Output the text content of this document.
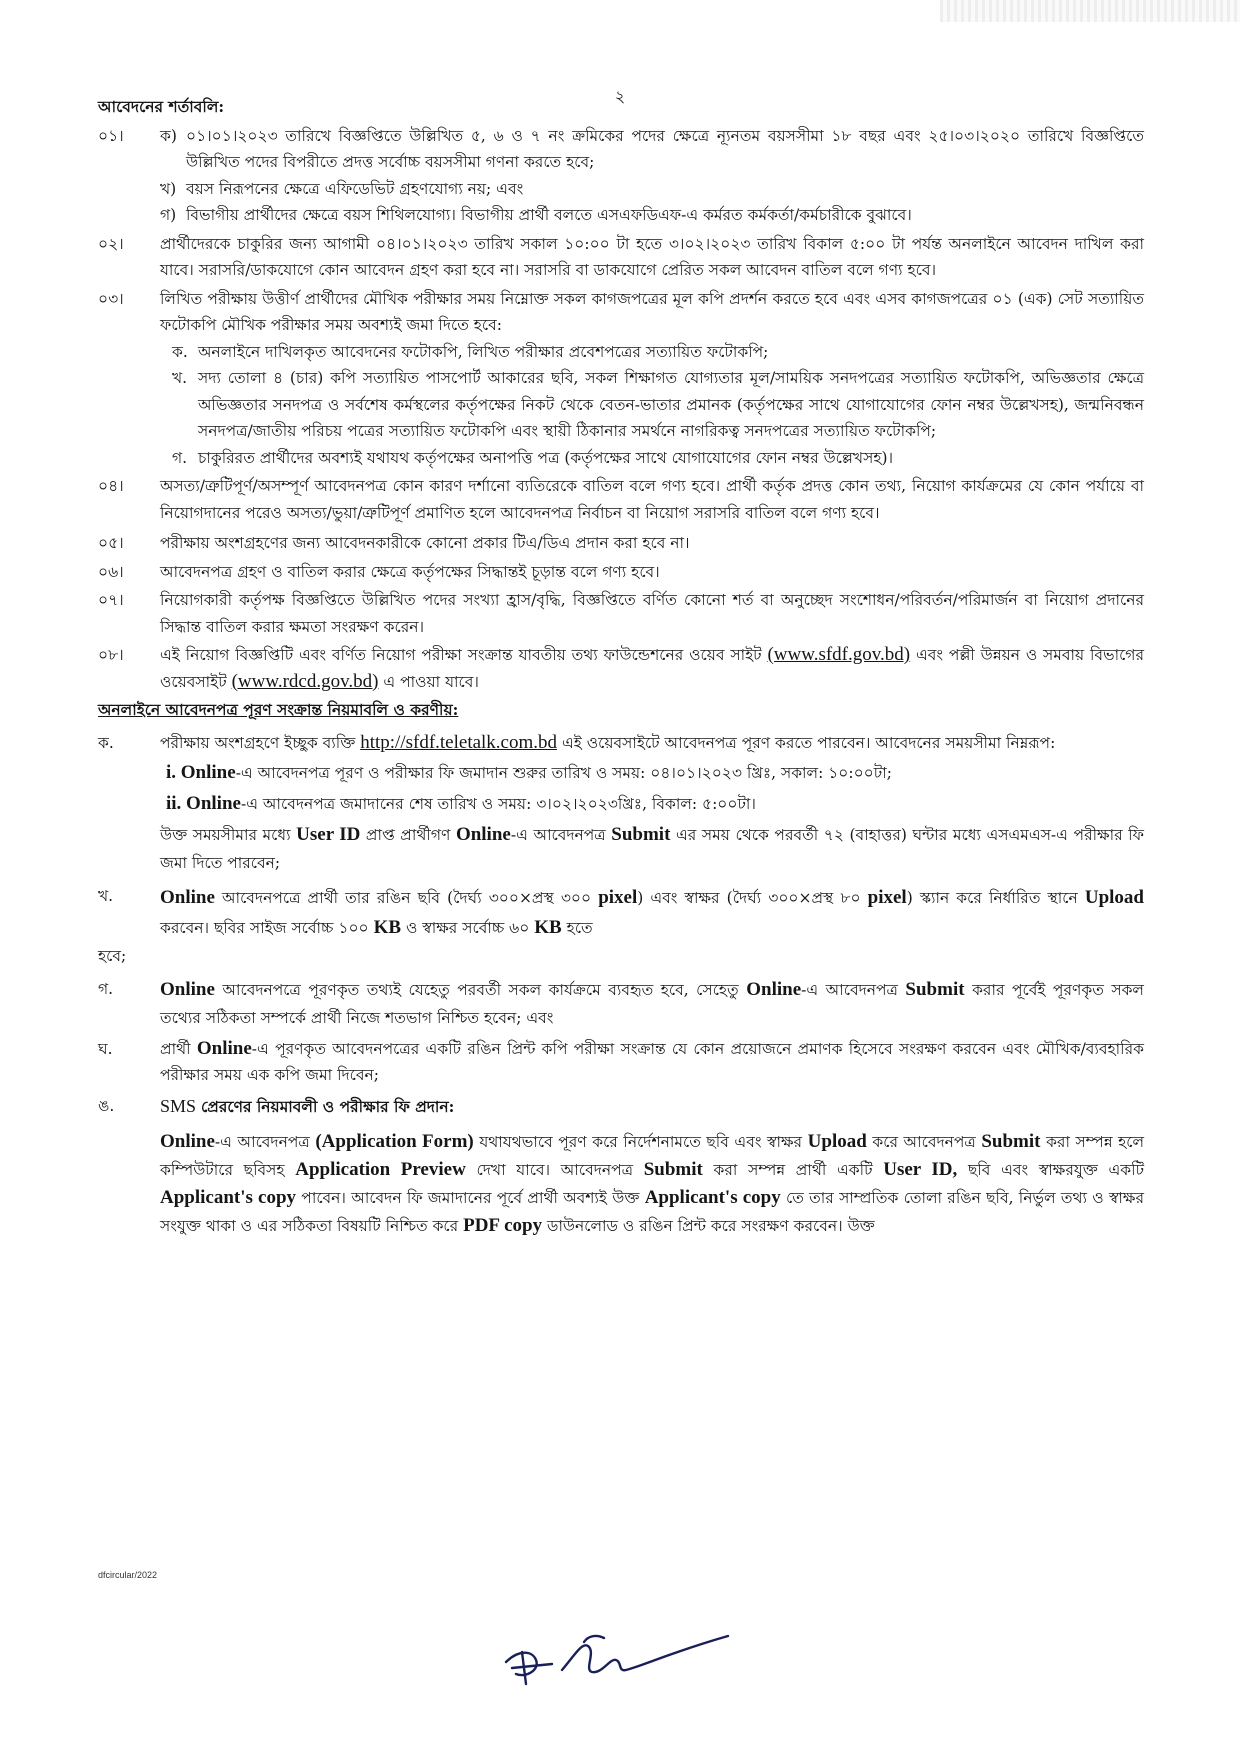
২

আবেদনের শর্তাবলি:

০১।	ক) ০১।০১।২০২৩ তারিখে বিজ্ঞপ্তিতে উল্লিখিত ৫, ৬ ও ৭ নং ক্রমিকের পদের ক্ষেত্রে ন্যূনতম বয়সসীমা ১৮ বছর এবং ২৫।০৩।২০২০ তারিখে বিজ্ঞপ্তিতে উল্লিখিত পদের বিপরীতে প্রদত্ত সর্বোচ্চ বয়সসীমা গণনা করতে হবে;
খ) বয়স নিরূপনের ক্ষেত্রে এফিডেভিট গ্রহণযোগ্য নয়; এবং
গ) বিভাগীয় প্রার্থীদের ক্ষেত্রে বয়স শিথিলযোগ্য। বিভাগীয় প্রার্থী বলতে এসএফডিএফ-এ কর্মরত কর্মকর্তা/কর্মচারীকে বুঝাবে।
০২।	প্রার্থীদেরকে চাকুরির জন্য আগামী ০৪।০১।২০২৩ তারিখ সকাল ১০:০০ টা হতে ৩।০২।২০২৩ তারিখ বিকাল ৫:০০ টা পর্যন্ত অনলাইনে আবেদন দাখিল করা যাবে। সরাসরি/ডাকযোগে কোন আবেদন গ্রহণ করা হবে না। সরাসরি বা ডাকযোগে প্রেরিত সকল আবেদন বাতিল বলে গণ্য হবে।
০৩।	লিখিত পরীক্ষায় উত্তীর্ণ প্রার্থীদের মৌখিক পরীক্ষার সময় নিম্নোক্ত সকল কাগজপত্রের মূল কপি প্রদর্শন করতে হবে এবং এসব কাগজপত্রের ০১ (এক) সেট সত্যায়িত ফটোকপি মৌখিক পরীক্ষার সময় অবশ্যই জমা দিতে হবে:
ক. অনলাইনে দাখিলকৃত আবেদনের ফটোকপি, লিখিত পরীক্ষার প্রবেশপত্রের সত্যায়িত ফটোকপি;
খ. সদ্য তোলা ৪ (চার) কপি সত্যায়িত পাসপোর্ট আকারের ছবি, সকল শিক্ষাগত যোগ্যতার মূল/সাময়িক সনদপত্রের সত্যায়িত ফটোকপি, অভিজ্ঞতার ক্ষেত্রে অভিজ্ঞতার সনদপত্র ও সর্বশেষ কর্মস্থলের কর্তৃপক্ষের নিকট থেকে বেতন-ভাতার প্রমানক (কর্তৃপক্ষের সাথে যোগাযোগের ফোন নম্বর উল্লেখসহ), জন্মনিবন্ধন সনদপত্র/জাতীয় পরিচয় পত্রের সত্যায়িত ফটোকপি এবং স্থায়ী ঠিকানার সমর্থনে নাগরিকত্ব সনদপত্রের সত্যায়িত ফটোকপি;
গ. চাকুরিরত প্রার্থীদের অবশ্যই যথাযথ কর্তৃপক্ষের অনাপত্তি পত্র (কর্তৃপক্ষের সাথে যোগাযোগের ফোন নম্বর উল্লেখসহ)।
০৪।	অসত্য/ত্রুটিপূর্ণ/অসম্পূর্ণ আবেদনপত্র কোন কারণ দর্শানো ব্যতিরেকে বাতিল বলে গণ্য হবে। প্রার্থী কর্তৃক প্রদত্ত কোন তথ্য, নিয়োগ কার্যক্রমের যে কোন পর্যায়ে বা নিয়োগদানের পরেও অসত্য/ভুয়া/ত্রুটিপূর্ণ প্রমাণিত হলে আবেদনপত্র নির্বাচন বা নিয়োগ সরাসরি বাতিল বলে গণ্য হবে।
০৫।	পরীক্ষায় অংশগ্রহণের জন্য আবেদনকারীকে কোনো প্রকার টিএ/ডিএ প্রদান করা হবে না।
০৬।	আবেদনপত্র গ্রহণ ও বাতিল করার ক্ষেত্রে কর্তৃপক্ষের সিদ্ধান্তই চূড়ান্ত বলে গণ্য হবে।
০৭।	নিয়োগকারী কর্তৃপক্ষ বিজ্ঞপ্তিতে উল্লিখিত পদের সংখ্যা হ্রাস/বৃদ্ধি, বিজ্ঞপ্তিতে বর্ণিত কোনো শর্ত বা অনুচ্ছেদ সংশোধন/পরিবর্তন/পরিমার্জন বা নিয়োগ প্রদানের সিদ্ধান্ত বাতিল করার ক্ষমতা সংরক্ষণ করেন।
০৮।	এই নিয়োগ বিজ্ঞপ্তিটি এবং বর্ণিত নিয়োগ পরীক্ষা সংক্রান্ত যাবতীয় তথ্য ফাউন্ডেশনের ওয়েব সাইট (www.sfdf.gov.bd) এবং পল্লী উন্নয়ন ও সমবায় বিভাগের ওয়েবসাইট (www.rdcd.gov.bd) এ পাওয়া যাবে।

অনলাইনে আবেদনপত্র পূরণ সংক্রান্ত নিয়মাবলি ও করণীয়:

ক.	পরীক্ষায় অংশগ্রহণে ইচ্ছুক ব্যক্তি http://sfdf.teletalk.com.bd এই ওয়েবসাইটে আবেদনপত্র পূরণ করতে পারবেন। আবেদনের সময়সীমা নিম্নরূপ:
i. Online-এ আবেদনপত্র পূরণ ও পরীক্ষার ফি জমাদান শুরুর তারিখ ও সময়: ০৪।০১।২০২৩ খ্রিঃ, সকাল: ১০:০০টা;
ii. Online-এ আবেদনপত্র জমাদানের শেষ তারিখ ও সময়: ৩।০২।২০২৩খ্রিঃ, বিকাল: ৫:০০টা।
উক্ত সময়সীমার মধ্যে User ID প্রাপ্ত প্রার্থীগণ Online-এ আবেদনপত্র Submit এর সময় থেকে পরবর্তী ৭২ (বাহাত্তর) ঘন্টার মধ্যে এসএমএস-এ পরীক্ষার ফি জমা দিতে পারবেন;
খ.	Online আবেদনপত্রে প্রার্থী তার রঙিন ছবি (দৈর্ঘ্য ৩০০×প্রস্থ ৩০০ pixel) এবং স্বাক্ষর (দৈর্ঘ্য ৩০০×প্রস্থ ৮০ pixel) স্ক্যান করে নির্ধারিত স্থানে Upload করবেন। ছবির সাইজ সর্বোচ্চ ১০০ KB ও স্বাক্ষর সর্বোচ্চ ৬০ KB হতে
হবে;
গ.	Online আবেদনপত্রে পূরণকৃত তথ্যই যেহেতু পরবর্তী সকল কার্যক্রমে ব্যবহৃত হবে, সেহেতু Online-এ আবেদনপত্র Submit করার পূর্বেই পূরণকৃত সকল তথ্যের সঠিকতা সম্পর্কে প্রার্থী নিজে শতভাগ নিশ্চিত হবেন; এবং
ঘ.	প্রার্থী Online-এ পূরণকৃত আবেদনপত্রের একটি রঙিন প্রিন্ট কপি পরীক্ষা সংক্রান্ত যে কোন প্রয়োজনে প্রমাণক হিসেবে সংরক্ষণ করবেন এবং মৌখিক/ব্যবহারিক পরীক্ষার সময় এক কপি জমা দিবেন;
ঙ.	SMS প্রেরণের নিয়মাবলী ও পরীক্ষার ফি প্রদান:
Online-এ আবেদনপত্র (Application Form) যথাযথভাবে পূরণ করে নির্দেশনামতে ছবি এবং স্বাক্ষর Upload করে আবেদনপত্র Submit করা সম্পন্ন হলে কম্পিউটারে ছবিসহ Application Preview দেখা যাবে। আবেদনপত্র Submit করা সম্পন্ন প্রার্থী একটি User ID, ছবি এবং স্বাক্ষরযুক্ত একটি Applicant's copy পাবেন। আবেদন ফি জমাদানের পূর্বে প্রার্থী অবশ্যই উক্ত Applicant's copy তে তার সাম্প্রতিক তোলা রঙিন ছবি, নির্ভুল তথ্য ও স্বাক্ষর সংযুক্ত থাকা ও এর সঠিকতা বিষয়টি নিশ্চিত করে PDF copy ডাউনলোড ও রঙিন প্রিন্ট করে সংরক্ষণ করবেন। উক্ত
dfcircular/2022
